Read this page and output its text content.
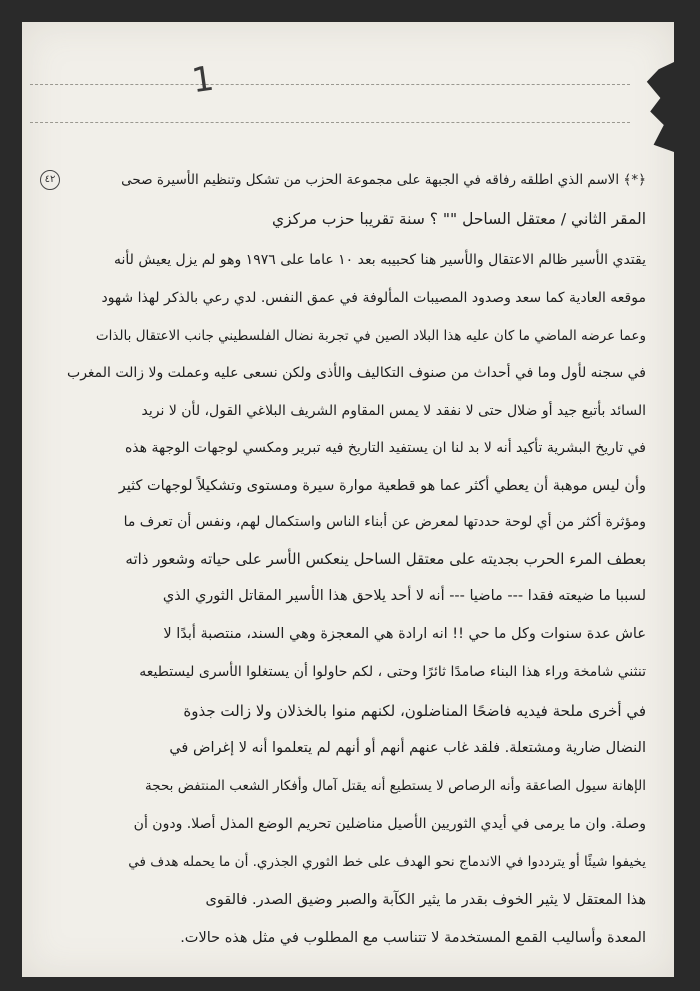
1
٤٢	﴿*﴾ الاسم الذي اطلقه رفاقه في الجبهة على مجموعة الحزب من تشكل وتنظيم الأسيرة صحى
المقر الثاني / معتقل الساحل "" ؟ سنة تقريبا حزب مركزي
يقتدي الأسير ظالم الاعتقال والأسير هنا كحبيبه بعد ١٠ عاما على ١٩٧٦ وهو لم يزل يعيش لأنه
موقعه العادية كما سعد وصدود المصيبات المألوفة في عمق النفس. لدي رعي بالذكر لهذا شهود
وعما عرضه الماضي ما كان عليه هذا البلاد الصين في تجربة نضال الفلسطيني جانب الاعتقال بالذات
في سجنه لأول وما في أحداث من صنوف التكاليف والأذى ولكن نسعى عليه وعملت ولا زالت المغرب
السائد بأتبع جيد أو ضلال حتى لا نفقد لا يمس المقاوم الشريف البلاغي القول، لأن لا نريد
في تاريخ البشرية تأكيد أنه لا بد لنا ان يستفيد التاريخ فيه تبرير ومكسي لوجهات الوجهة هذه
وأن ليس موهبة أن يعطي أكثر عما هو قطعية موارة سيرة ومستوى وتشكيلاً لوجهات كثير
ومؤثرة أكثر من أي لوحة حددتها لمعرض عن أبناء الناس واستكمال لهم، ونفس أن تعرف ما
بعطف المرء الحرب بجديته على معتقل الساحل ينعكس الأسر على حياته وشعور ذاته
لسببا ما ضيعته فقدا --- ماضيا --- أنه لا أحد يلاحق هذا الأسير المقاتل الثوري الذي
عاش عدة سنوات وكل ما حي !! انه ارادة هي المعجزة وهي السند، منتصبة أبدًا لا
تنثني شامخة وراء هذا البناء صامدًا ثائرًا وحتى ، لكم حاولوا أن يستغلوا الأسرى ليستطيعه
في أخرى ملحة فيديه فاضحًا المناضلون، لكنهم منوا بالخذلان ولا زالت جذوة
النضال ضارية ومشتعلة. فلقد غاب عنهم أنهم أو أنهم لم يتعلموا أنه لا إغراض في
الإهانة سيول الصاعقة وأنه الرصاص لا يستطيع أنه يقتل آمال وأفكار الشعب المنتفض بحجة
وصلة. وان ما يرمى في أيدي الثوريين الأصيل مناضلين تحريم الوضع المذل أصلا. ودون أن
يخيفوا شيئًا أو يترددوا في الاندماج نحو الهدف على خط الثوري الجذري. أن ما يحمله هدف في
هذا المعتقل لا يثير الخوف بقدر ما يثير الكآبة والصبر وضيق الصدر. فالقوى
المعدة وأساليب القمع المستخدمة لا تتناسب مع المطلوب في مثل هذه حالات.
